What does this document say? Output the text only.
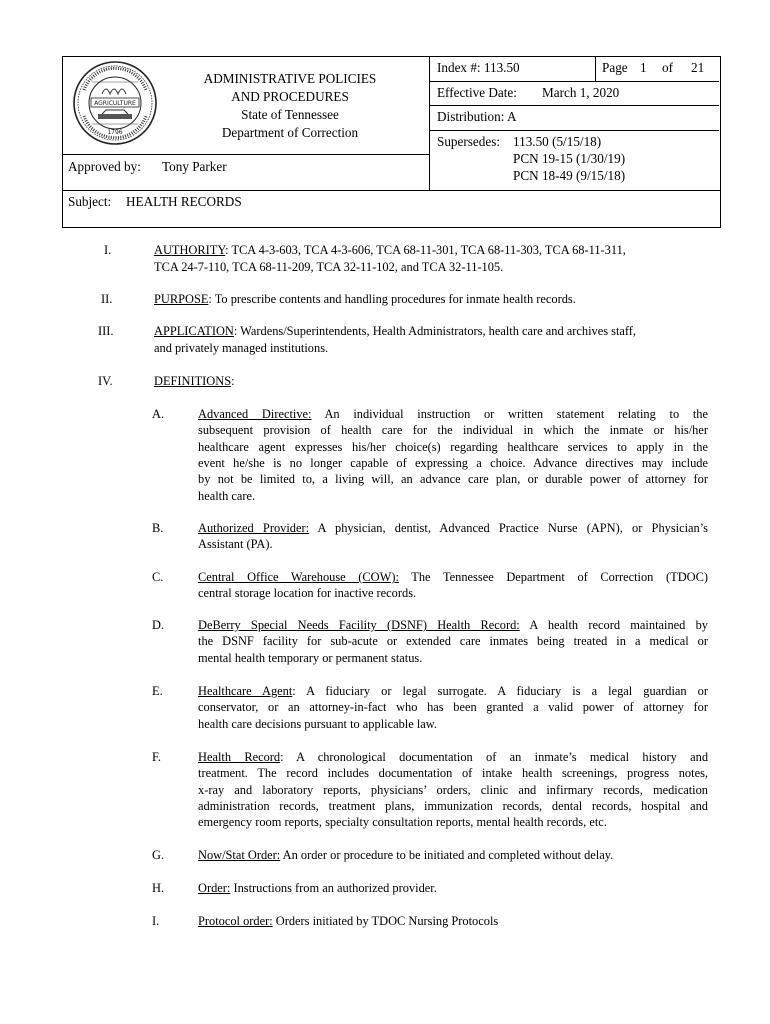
AGRICULTURE
1796
ADMINISTRATIVE POLICIES
AND PROCEDURES
State of Tennessee
Department of Correction
Index #: 113.50	Page 1 of 21
Effective Date: March 1, 2020
Distribution: A
Supersedes: 113.50 (5/15/18)
PCN 19-15 (1/30/19)
PCN 18-49 (9/15/18)
Approved by: Tony Parker
Subject: HEALTH RECORDS
I.	AUTHORITY: TCA 4-3-603, TCA 4-3-606, TCA 68-11-301, TCA 68-11-303, TCA 68-11-311,
TCA 24-7-110, TCA 68-11-209, TCA 32-11-102, and TCA 32-11-105.
II.	PURPOSE: To prescribe contents and handling procedures for inmate health records.
III.	APPLICATION: Wardens/Superintendents, Health Administrators, health care and archives staff,
and privately managed institutions.
IV.	DEFINITIONS:
A.	Advanced Directive: An individual instruction or written statement relating to the
subsequent provision of health care for the individual in which the inmate or his/her
healthcare agent expresses his/her choice(s) regarding healthcare services to apply in the
event he/she is no longer capable of expressing a choice. Advance directives may include
by not be limited to, a living will, an advance care plan, or durable power of attorney for
health care.
B.	Authorized Provider: A physician, dentist, Advanced Practice Nurse (APN), or Physician’s
Assistant (PA).
C.	Central Office Warehouse (COW): The Tennessee Department of Correction (TDOC)
central storage location for inactive records.
D.	DeBerry Special Needs Facility (DSNF) Health Record: A health record maintained by
the DSNF facility for sub-acute or extended care inmates being treated in a medical or
mental health temporary or permanent status.
E.	Healthcare Agent: A fiduciary or legal surrogate. A fiduciary is a legal guardian or
conservator, or an attorney-in-fact who has been granted a valid power of attorney for
health care decisions pursuant to applicable law.
F.	Health Record: A chronological documentation of an inmate’s medical history and
treatment. The record includes documentation of intake health screenings, progress notes,
x-ray and laboratory reports, physicians’ orders, clinic and infirmary records, medication
administration records, treatment plans, immunization records, dental records, hospital and
emergency room reports, specialty consultation reports, mental health records, etc.
G.	Now/Stat Order: An order or procedure to be initiated and completed without delay.
H.	Order: Instructions from an authorized provider.
I.	Protocol order: Orders initiated by TDOC Nursing Protocols
